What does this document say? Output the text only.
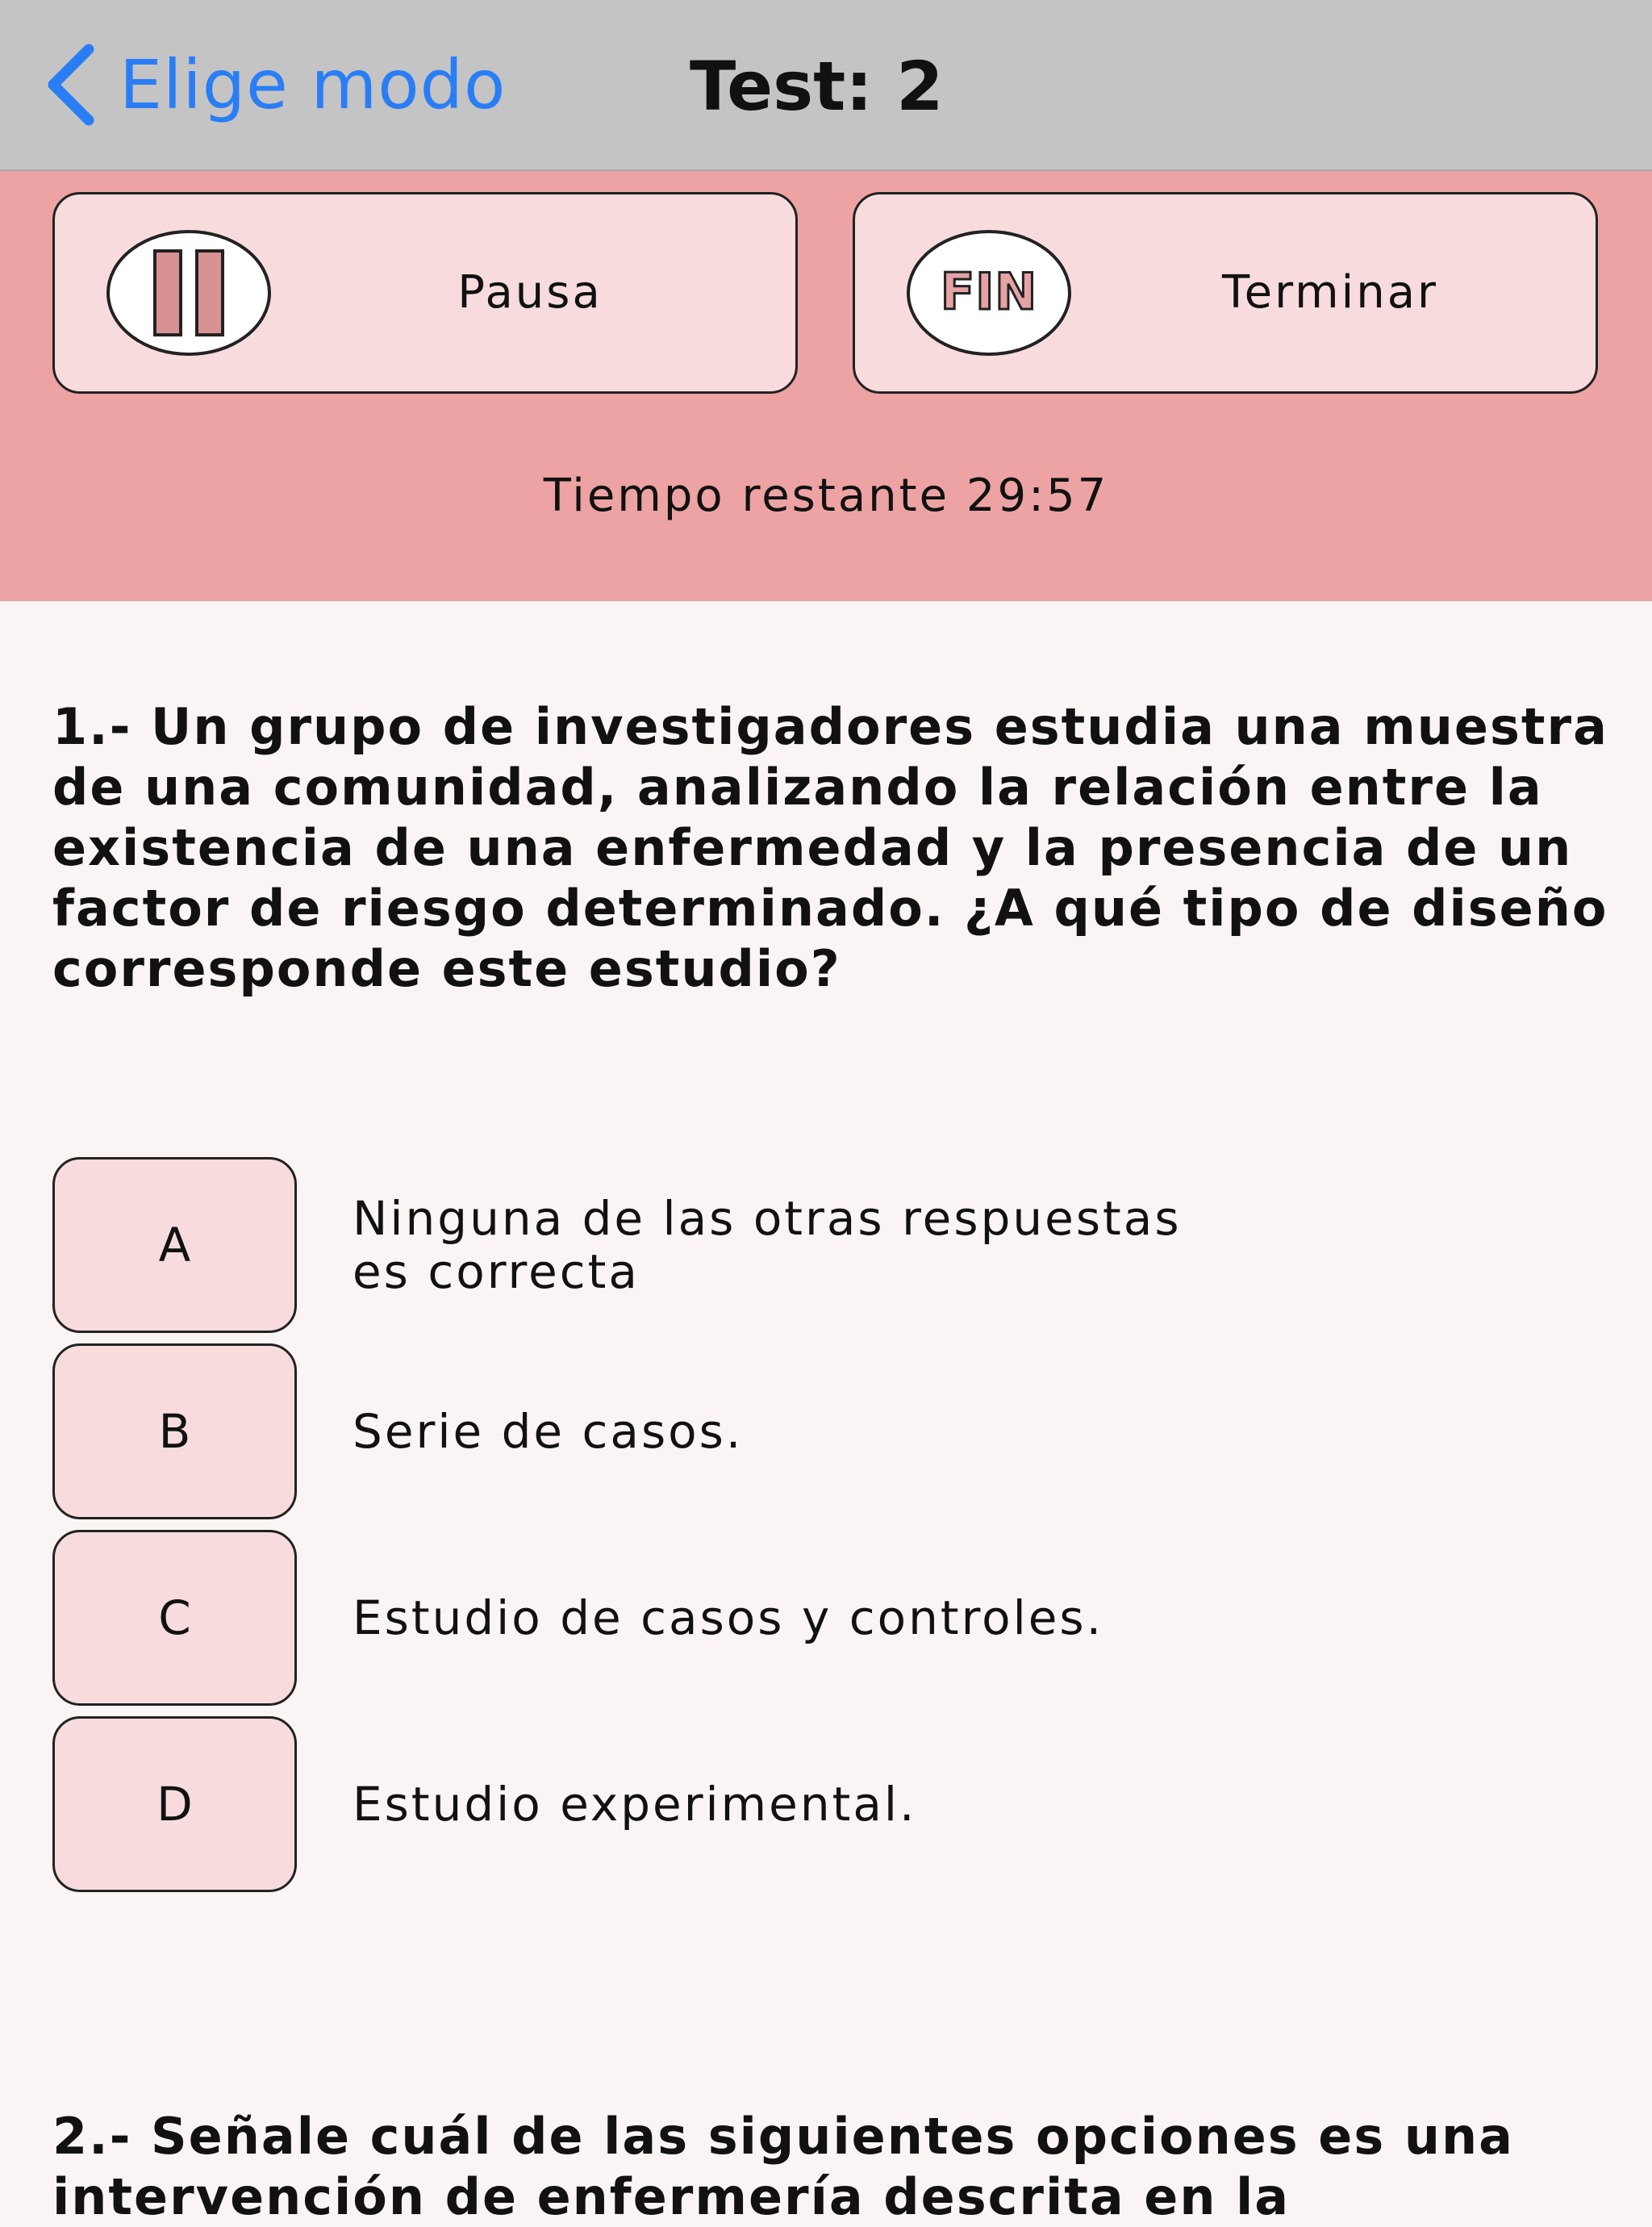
Elige modo	Test: 2
Pausa	FIN	Terminar
Tiempo restante 29:57

1.- Un grupo de investigadores estudia una muestra de una comunidad, analizando la relación entre la existencia de una enfermedad y la presencia de un factor de riesgo determinado. ¿A qué tipo de diseño corresponde este estudio?

A	Ninguna de las otras respuestas
es correcta
B	Serie de casos.
C	Estudio de casos y controles.
D	Estudio experimental.

2.- Señale cuál de las siguientes opciones es una intervención de enfermería descrita en la
